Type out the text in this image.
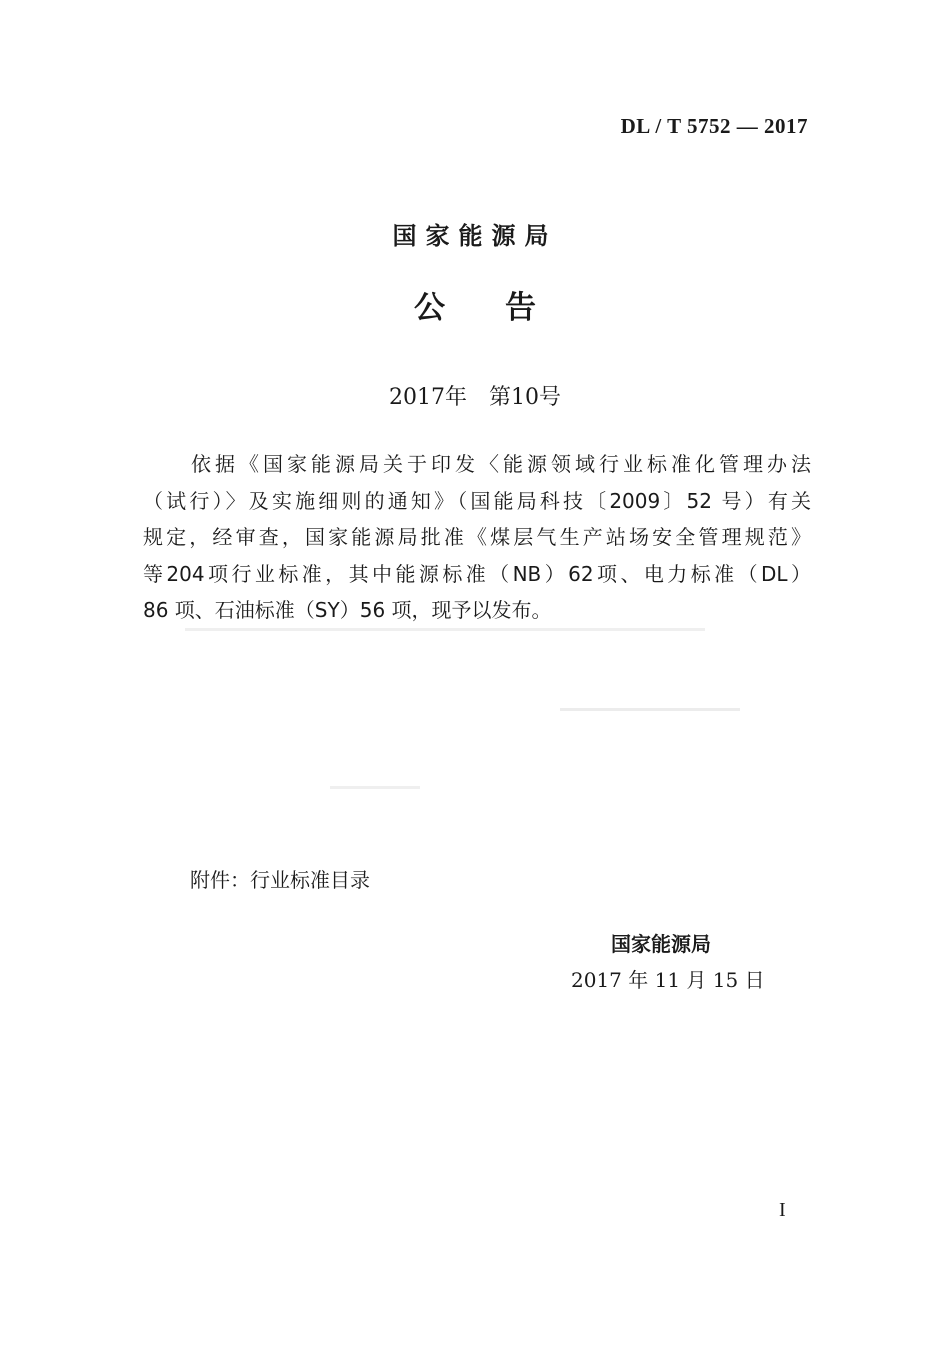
DL / T 5752 — 2017
国家能源局
公告
2017年　第10号
依据《国家能源局关于印发〈能源领域行业标准化管理办法
（试行）〉及实施细则的通知》（国能局科技〔2009〕52 号）有关
规定，经审查，国家能源局批准《煤层气生产站场安全管理规范》
等204项行业标准，其中能源标准（NB）62项、电力标准（DL）
86 项、石油标准（SY）56 项，现予以发布。
附件：行业标准目录
国家能源局
2017 年 11 月 15 日
I
